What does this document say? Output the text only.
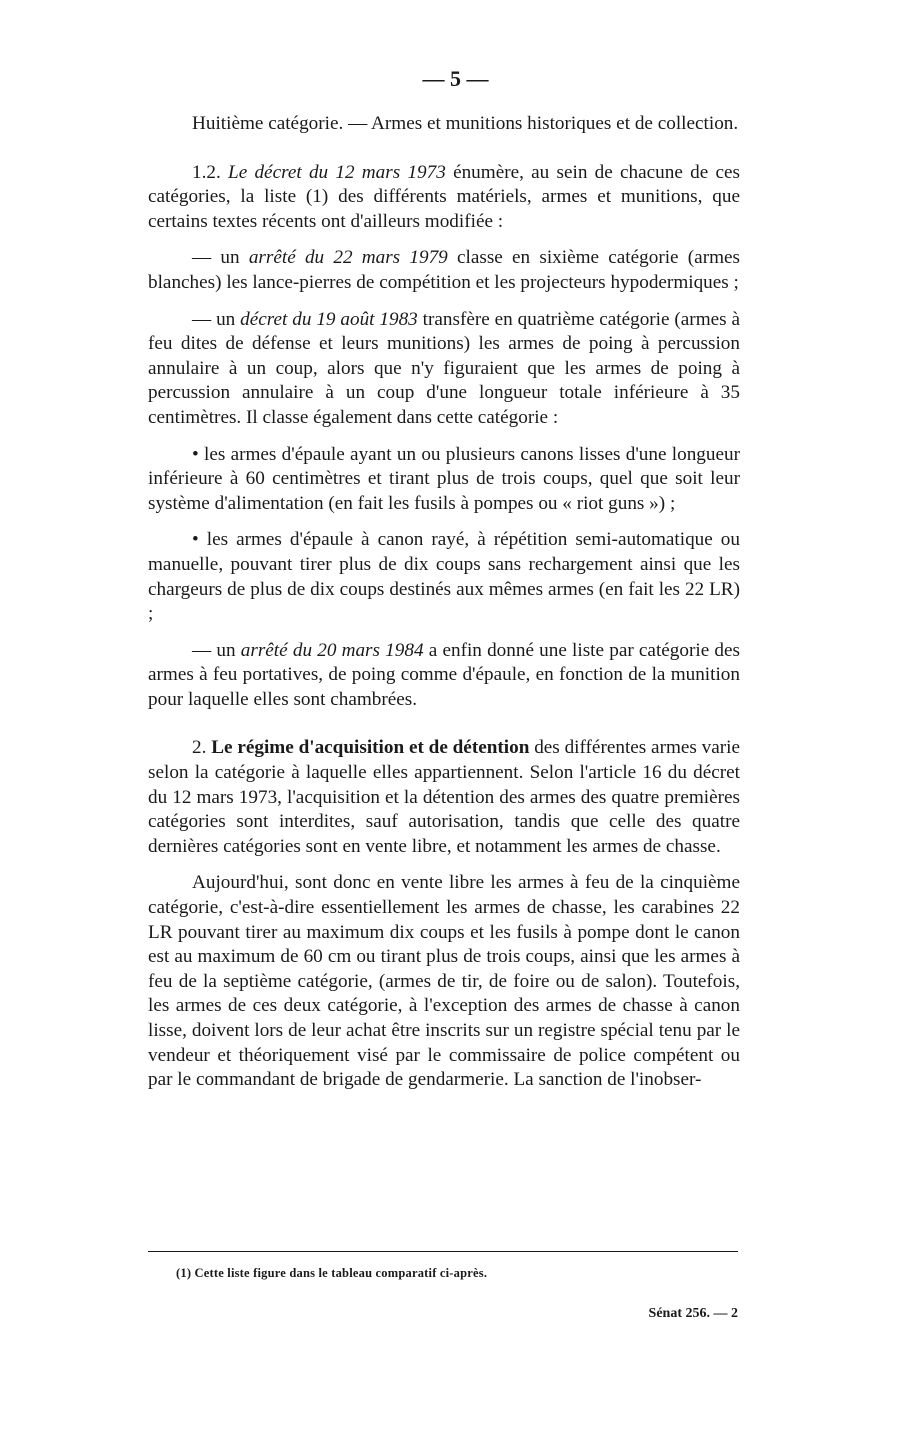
— 5 —

Huitième catégorie. — Armes et munitions historiques et de collection.

1.2. Le décret du 12 mars 1973 énumère, au sein de chacune de ces catégories, la liste (1) des différents matériels, armes et munitions, que certains textes récents ont d'ailleurs modifiée :

— un arrêté du 22 mars 1979 classe en sixième catégorie (armes blanches) les lance-pierres de compétition et les projecteurs hypodermiques ;

— un décret du 19 août 1983 transfère en quatrième catégorie (armes à feu dites de défense et leurs munitions) les armes de poing à percussion annulaire à un coup, alors que n'y figuraient que les armes de poing à percussion annulaire à un coup d'une longueur totale inférieure à 35 centimètres. Il classe également dans cette catégorie :

• les armes d'épaule ayant un ou plusieurs canons lisses d'une longueur inférieure à 60 centimètres et tirant plus de trois coups, quel que soit leur système d'alimentation (en fait les fusils à pompes ou « riot guns ») ;

• les armes d'épaule à canon rayé, à répétition semi-automatique ou manuelle, pouvant tirer plus de dix coups sans rechargement ainsi que les chargeurs de plus de dix coups destinés aux mêmes armes (en fait les 22 LR) ;

— un arrêté du 20 mars 1984 a enfin donné une liste par catégorie des armes à feu portatives, de poing comme d'épaule, en fonction de la munition pour laquelle elles sont chambrées.

2. Le régime d'acquisition et de détention des différentes armes varie selon la catégorie à laquelle elles appartiennent. Selon l'article 16 du décret du 12 mars 1973, l'acquisition et la détention des armes des quatre premières catégories sont interdites, sauf autorisation, tandis que celle des quatre dernières catégories sont en vente libre, et notamment les armes de chasse.

Aujourd'hui, sont donc en vente libre les armes à feu de la cinquième catégorie, c'est-à-dire essentiellement les armes de chasse, les carabines 22 LR pouvant tirer au maximum dix coups et les fusils à pompe dont le canon est au maximum de 60 cm ou tirant plus de trois coups, ainsi que les armes à feu de la septième catégorie, (armes de tir, de foire ou de salon). Toutefois, les armes de ces deux catégorie, à l'exception des armes de chasse à canon lisse, doivent lors de leur achat être inscrits sur un registre spécial tenu par le vendeur et théoriquement visé par le commissaire de police compétent ou par le commandant de brigade de gendarmerie. La sanction de l'inobser-

(1) Cette liste figure dans le tableau comparatif ci-après.
Sénat 256. — 2
